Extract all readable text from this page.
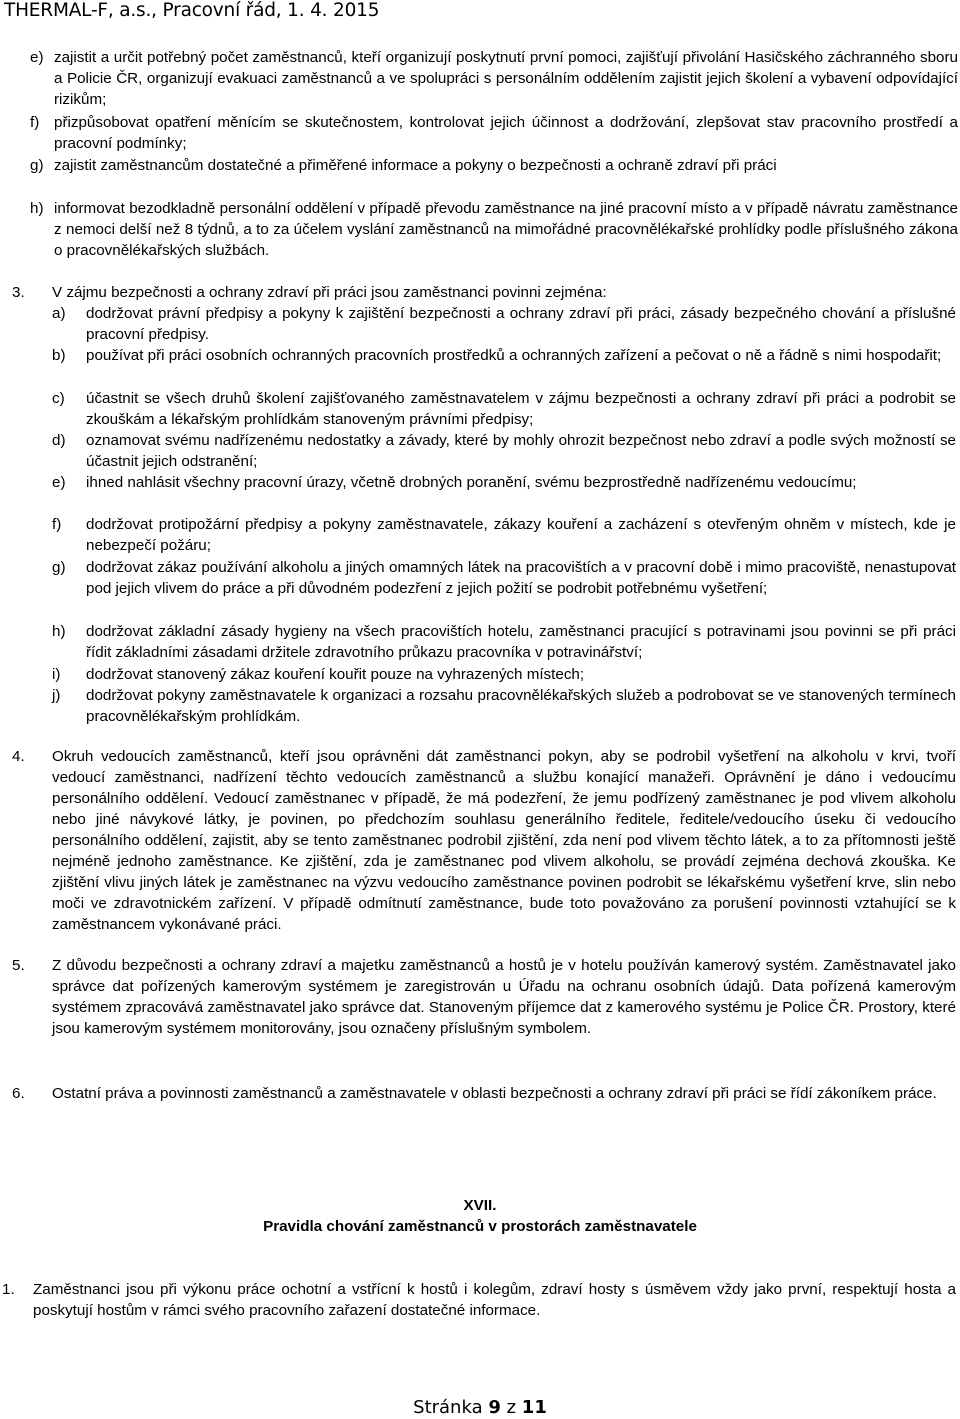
THERMAL-F, a.s., Pracovní řád, 1. 4. 2015
e) zajistit a určit potřebný počet zaměstnanců, kteří organizují poskytnutí první pomoci, zajišťují přivolání Hasičského záchranného sboru a Policie ČR, organizují evakuaci zaměstnanců a ve spolupráci s personálním oddělením zajistit jejich školení a vybavení odpovídající rizikům;
f) přizpůsobovat opatření měnícím se skutečnostem, kontrolovat jejich účinnost a dodržování, zlepšovat stav pracovního prostředí a pracovní podmínky;
g) zajistit zaměstnancům dostatečné a přiměřené informace a pokyny o bezpečnosti a ochraně zdraví při práci
h) informovat bezodkladně personální oddělení v případě převodu zaměstnance na jiné pracovní místo a v případě návratu zaměstnance z nemoci delší než 8 týdnů, a to za účelem vyslání zaměstnanců na mimořádné pracovnělékařské prohlídky podle příslušného zákona o pracovnělékařských službách.
3. V zájmu bezpečnosti a ochrany zdraví při práci jsou zaměstnanci povinni zejména:
a) dodržovat právní předpisy a pokyny k zajištění bezpečnosti a ochrany zdraví při práci, zásady bezpečného chování a příslušné pracovní předpisy.
b) používat při práci osobních ochranných pracovních prostředků a ochranných zařízení a pečovat o ně a řádně s nimi hospodařit;
c) účastnit se všech druhů školení zajišťovaného zaměstnavatelem v zájmu bezpečnosti a ochrany zdraví při práci a podrobit se zkouškám a lékařským prohlídkám stanoveným právními předpisy;
d) oznamovat svému nadřízenému nedostatky a závady, které by mohly ohrozit bezpečnost nebo zdraví a podle svých možností se účastnit jejich odstranění;
e) ihned nahlásit všechny pracovní úrazy, včetně drobných poranění, svému bezprostředně nadřízenému vedoucímu;
f) dodržovat protipožární předpisy a pokyny zaměstnavatele, zákazy kouření a zacházení s otevřeným ohněm v místech, kde je nebezpečí požáru;
g) dodržovat zákaz používání alkoholu a jiných omamných látek na pracovištích a v pracovní době i mimo pracoviště, nenastupovat pod jejich vlivem do práce a při důvodném podezření z jejich požití se podrobit potřebnému vyšetření;
h) dodržovat základní zásady hygieny na všech pracovištích hotelu, zaměstnanci pracující s potravinami jsou povinni se při práci řídit základními zásadami držitele zdravotního průkazu pracovníka v potravinářství;
i) dodržovat stanovený zákaz kouření kouřit pouze na vyhrazených místech;
j) dodržovat pokyny zaměstnavatele k organizaci a rozsahu pracovnělékařských služeb a podrobovat se ve stanovených termínech pracovnělékařským prohlídkám.
4. Okruh vedoucích zaměstnanců, kteří jsou oprávněni dát zaměstnanci pokyn, aby se podrobil vyšetření na alkoholu v krvi, tvoří vedoucí zaměstnanci, nadřízení těchto vedoucích zaměstnanců a službu konající manažeři. Oprávnění je dáno i vedoucímu personálního oddělení. Vedoucí zaměstnanec v případě, že má podezření, že jemu podřízený zaměstnanec je pod vlivem alkoholu nebo jiné návykové látky, je povinen, po předchozím souhlasu generálního ředitele, ředitele/vedoucího úseku či vedoucího personálního oddělení, zajistit, aby se tento zaměstnanec podrobil zjištění, zda není pod vlivem těchto látek, a to za přítomnosti ještě nejméně jednoho zaměstnance. Ke zjištění, zda je zaměstnanec pod vlivem alkoholu, se provádí zejména dechová zkouška. Ke zjištění vlivu jiných látek je zaměstnanec na výzvu vedoucího zaměstnance povinen podrobit se lékařskému vyšetření krve, slin nebo moči ve zdravotnickém zařízení. V případě odmítnutí zaměstnance, bude toto považováno za porušení povinnosti vztahující se k zaměstnancem vykonávané práci.
5. Z důvodu bezpečnosti a ochrany zdraví a majetku zaměstnanců a hostů je v hotelu používán kamerový systém. Zaměstnavatel jako správce dat pořízených kamerovým systémem je zaregistrován u Úřadu na ochranu osobních údajů. Data pořízená kamerovým systémem zpracovává zaměstnavatel jako správce dat. Stanoveným příjemce dat z kamerového systému je Police ČR. Prostory, které jsou kamerovým systémem monitorovány, jsou označeny příslušným symbolem.
6. Ostatní práva a povinnosti zaměstnanců a zaměstnavatele v oblasti bezpečnosti a ochrany zdraví při práci se řídí zákoníkem práce.
XVII.
Pravidla chování zaměstnanců v prostorách zaměstnavatele
1. Zaměstnanci jsou při výkonu práce ochotní a vstřícní k hostů i kolegům, zdraví hosty s úsměvem vždy jako první, respektují hosta a poskytují hostům v rámci svého pracovního zařazení dostatečné informace.
Stránka 9 z 11
